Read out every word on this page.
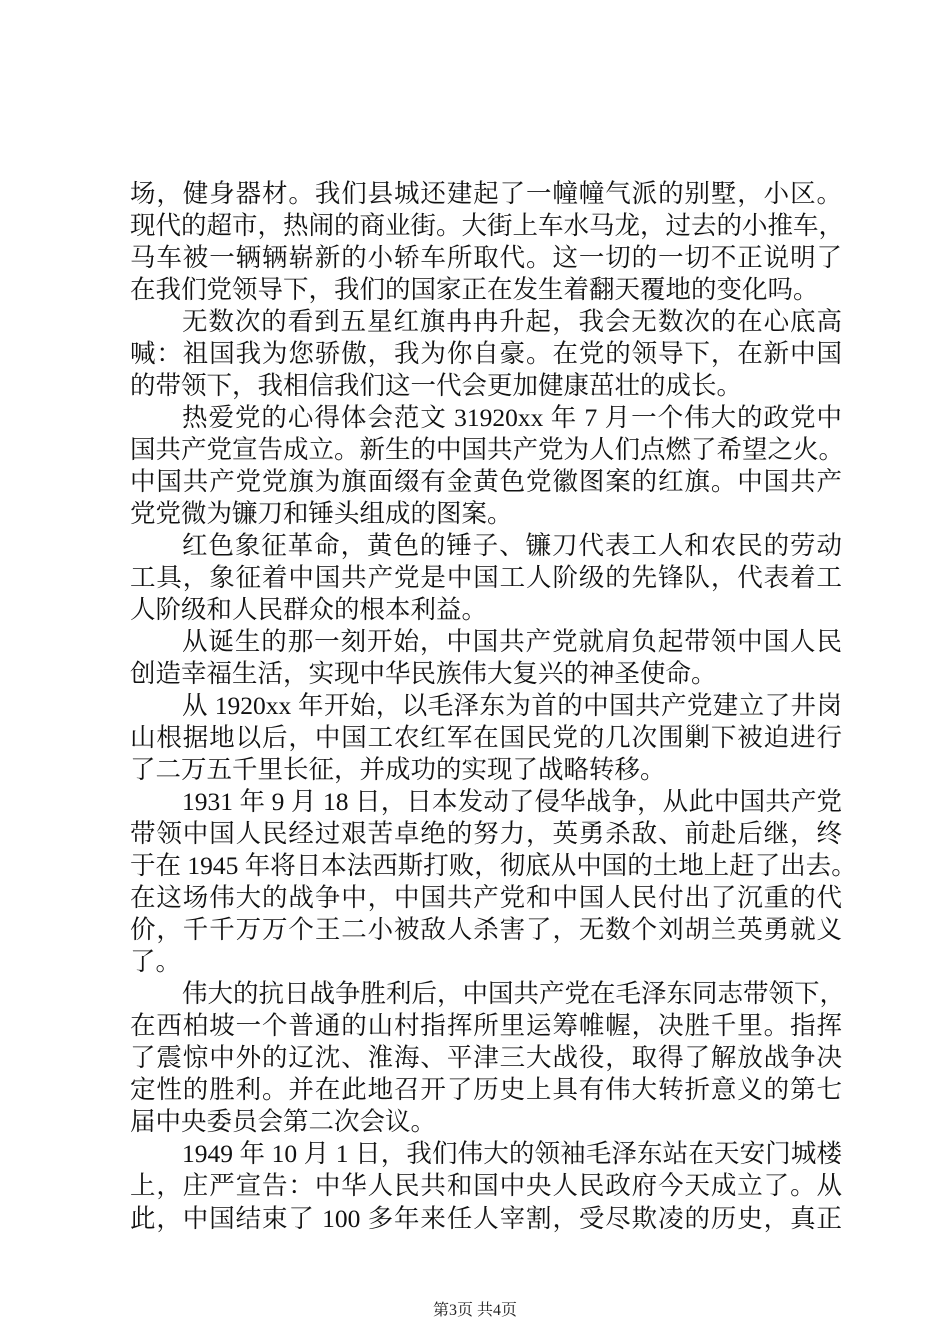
场，健身器材。我们县城还建起了一幢幢气派的别墅，小区。
现代的超市，热闹的商业街。大街上车水马龙，过去的小推车，
马车被一辆辆崭新的小轿车所取代。这一切的一切不正说明了
在我们党领导下，我们的国家正在发生着翻天覆地的变化吗。
无数次的看到五星红旗冉冉升起，我会无数次的在心底高
喊：祖国我为您骄傲，我为你自豪。在党的领导下，在新中国
的带领下，我相信我们这一代会更加健康茁壮的成长。
热爱党的心得体会范文 31920xx 年 7 月一个伟大的政党中
国共产党宣告成立。新生的中国共产党为人们点燃了希望之火。
中国共产党党旗为旗面缀有金黄色党徽图案的红旗。中国共产
党党微为镰刀和锤头组成的图案。
红色象征革命，黄色的锤子、镰刀代表工人和农民的劳动
工具，象征着中国共产党是中国工人阶级的先锋队，代表着工
人阶级和人民群众的根本利益。
从诞生的那一刻开始，中国共产党就肩负起带领中国人民
创造幸福生活，实现中华民族伟大复兴的神圣使命。
从 1920xx 年开始，以毛泽东为首的中国共产党建立了井岗
山根据地以后，中国工农红军在国民党的几次围剿下被迫进行
了二万五千里长征，并成功的实现了战略转移。
1931 年 9 月 18 日，日本发动了侵华战争，从此中国共产党
带领中国人民经过艰苦卓绝的努力，英勇杀敌、前赴后继，终
于在 1945 年将日本法西斯打败，彻底从中国的土地上赶了出去。
在这场伟大的战争中，中国共产党和中国人民付出了沉重的代
价，千千万万个王二小被敌人杀害了，无数个刘胡兰英勇就义
了。
伟大的抗日战争胜利后，中国共产党在毛泽东同志带领下，
在西柏坡一个普通的山村指挥所里运筹帷幄，决胜千里。指挥
了震惊中外的辽沈、淮海、平津三大战役，取得了解放战争决
定性的胜利。并在此地召开了历史上具有伟大转折意义的第七
届中央委员会第二次会议。
1949 年 10 月 1 日，我们伟大的领袖毛泽东站在天安门城楼
上，庄严宣告：中华人民共和国中央人民政府今天成立了。从
此，中国结束了 100 多年来任人宰割，受尽欺凌的历史，真正
第3页 共4页
